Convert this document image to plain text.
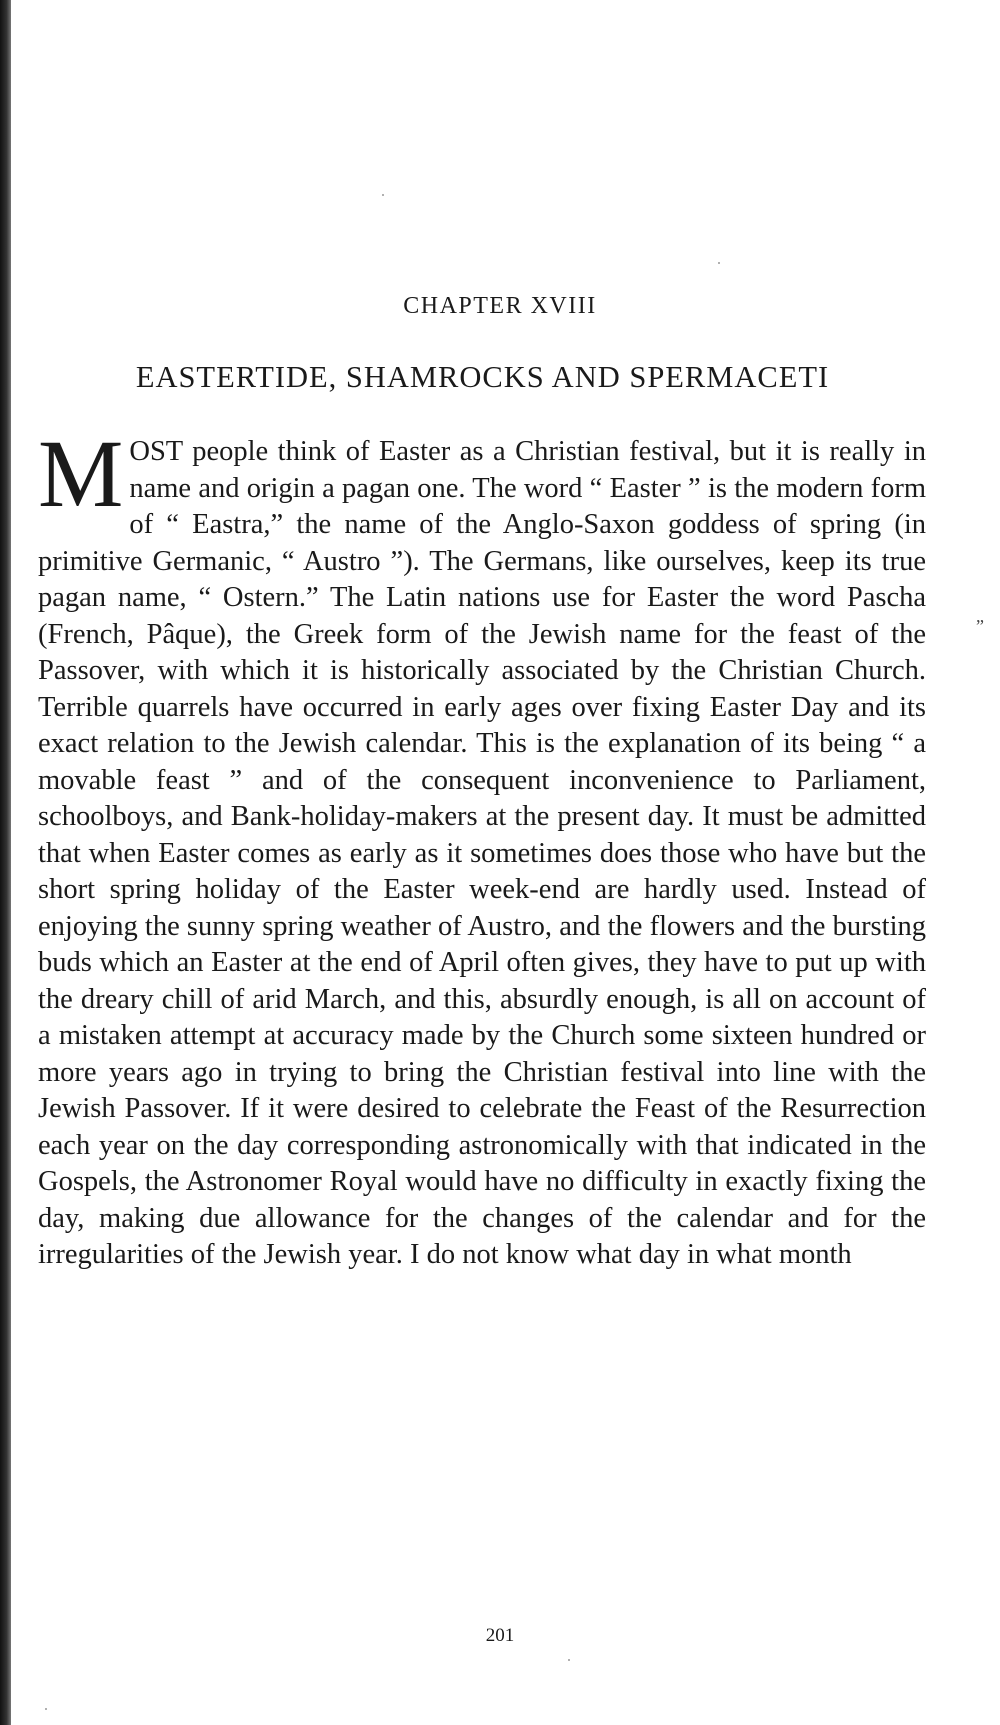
CHAPTER XVIII
EASTERTIDE, SHAMROCKS AND SPERMACETI

M OST people think of Easter as a Christian festival, but it is really in name and origin a pagan one. The word “ Easter ” is the modern form of “ Eastra,” the name of the Anglo-Saxon goddess of spring (in primitive Germanic, “ Austro ”). The Germans, like ourselves, keep its true pagan name, “ Ostern.” The Latin nations use for Easter the word Pascha (French, Pâque), the Greek form of the Jewish name for the feast of the Passover, with which it is historically associated by the Christian Church. Terrible quarrels have occurred in early ages over fixing Easter Day and its exact relation to the Jewish calendar. This is the explanation of its being “ a movable feast ” and of the consequent inconvenience to Parliament, schoolboys, and Bank-holiday-makers at the present day. It must be admitted that when Easter comes as early as it sometimes does those who have but the short spring holiday of the Easter week-end are hardly used. Instead of enjoying the sunny spring weather of Austro, and the flowers and the bursting buds which an Easter at the end of April often gives, they have to put up with the dreary chill of arid March, and this, absurdly enough, is all on account of a mistaken attempt at accuracy made by the Church some sixteen hundred or more years ago in trying to bring the Christian festival into line with the Jewish Passover. If it were desired to celebrate the Feast of the Resurrection each year on the day corresponding astronomically with that indicated in the Gospels, the Astronomer Royal would have no difficulty in exactly fixing the day, making due allowance for the changes of the calendar and for the irregularities of the Jewish year. I do not know what day in what month

”
201
